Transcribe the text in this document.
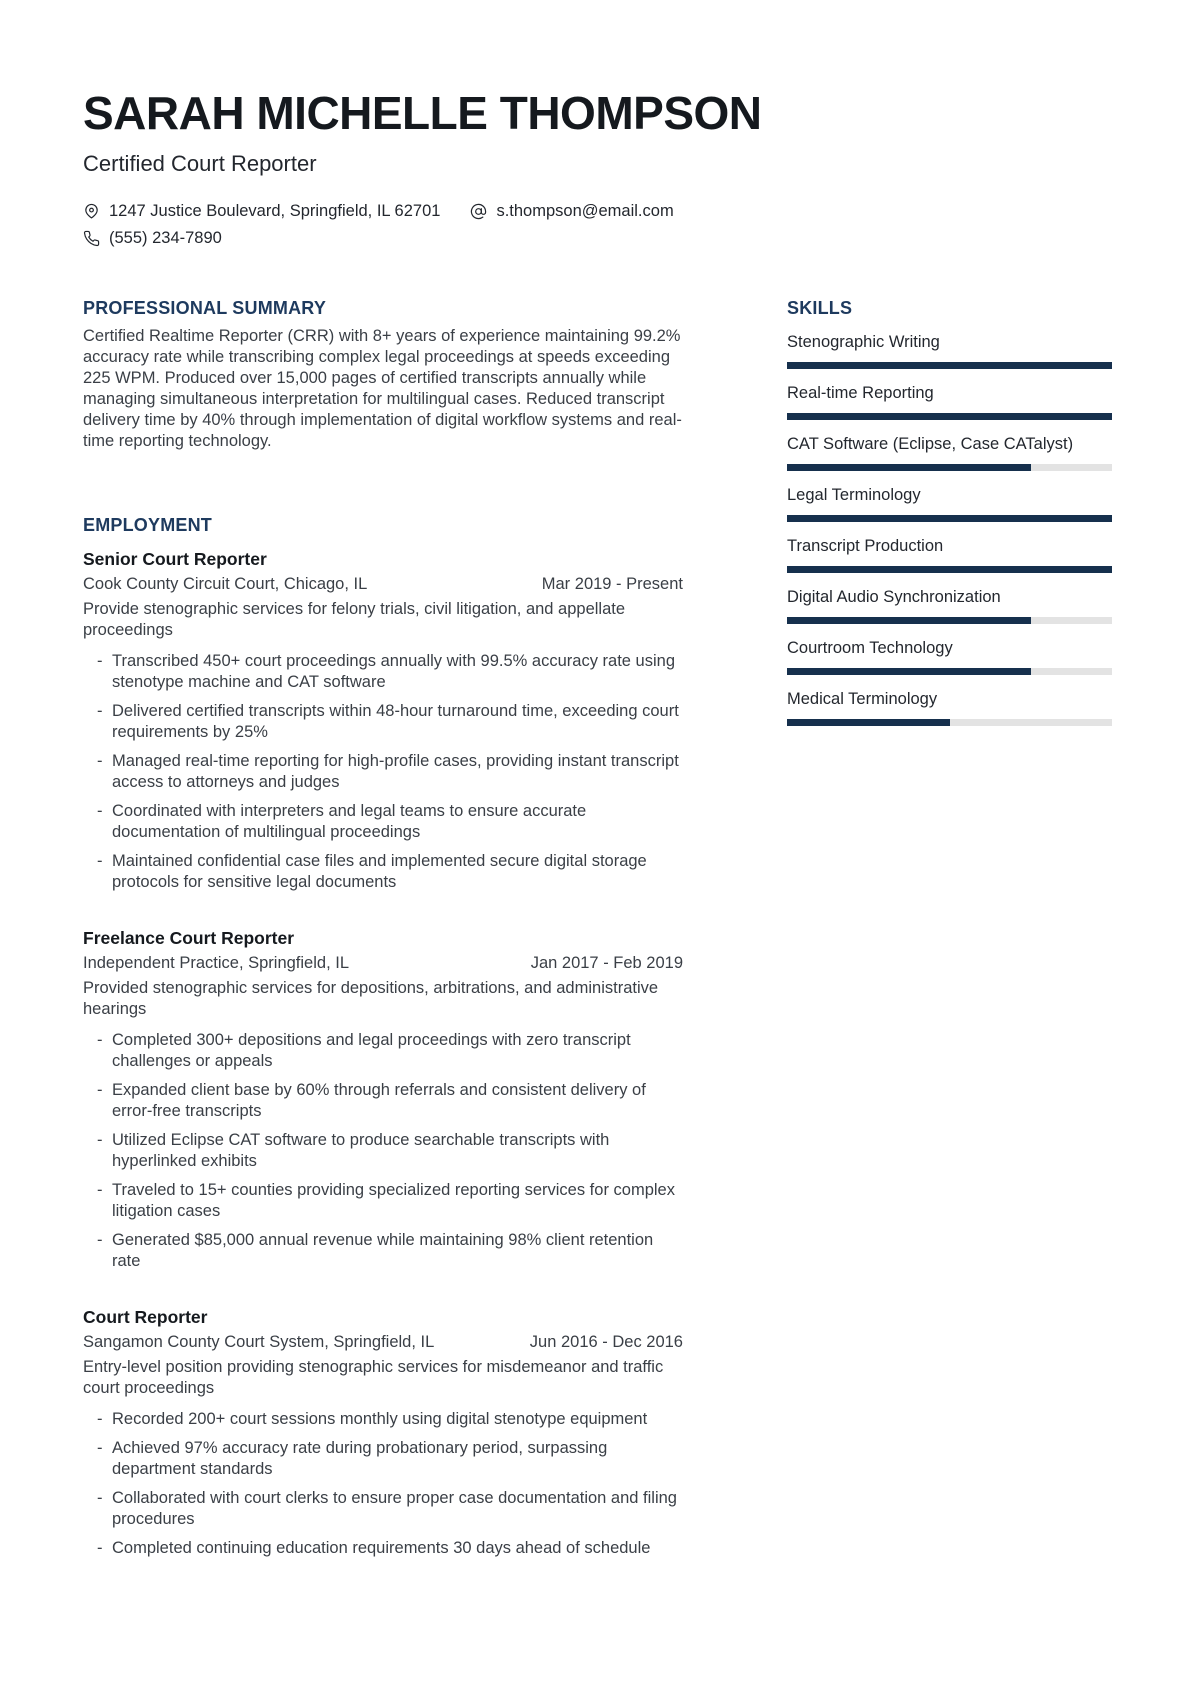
SARAH MICHELLE THOMPSON
Certified Court Reporter
1247 Justice Boulevard, Springfield, IL 62701	s.thompson@email.com
(555) 234-7890
PROFESSIONAL SUMMARY

Certified Realtime Reporter (CRR) with 8+ years of experience maintaining 99.2% accuracy rate while transcribing complex legal proceedings at speeds exceeding 225 WPM. Produced over 15,000 pages of certified transcripts annually while managing simultaneous interpretation for multilingual cases. Reduced transcript delivery time by 40% through implementation of digital workflow systems and real-time reporting technology.

EMPLOYMENT
Senior Court Reporter
Cook County Circuit Court, Chicago, IL	Mar 2019 - Present

Provide stenographic services for felony trials, civil litigation, and appellate proceedings

- Transcribed 450+ court proceedings annually with 99.5% accuracy rate using stenotype machine and CAT software
- Delivered certified transcripts within 48-hour turnaround time, exceeding court requirements by 25%
- Managed real-time reporting for high-profile cases, providing instant transcript access to attorneys and judges
- Coordinated with interpreters and legal teams to ensure accurate documentation of multilingual proceedings
- Maintained confidential case files and implemented secure digital storage protocols for sensitive legal documents
Freelance Court Reporter
Independent Practice, Springfield, IL	Jan 2017 - Feb 2019

Provided stenographic services for depositions, arbitrations, and administrative hearings

- Completed 300+ depositions and legal proceedings with zero transcript challenges or appeals
- Expanded client base by 60% through referrals and consistent delivery of error-free transcripts
- Utilized Eclipse CAT software to produce searchable transcripts with hyperlinked exhibits
- Traveled to 15+ counties providing specialized reporting services for complex litigation cases
- Generated $85,000 annual revenue while maintaining 98% client retention rate
Court Reporter
Sangamon County Court System, Springfield, IL	Jun 2016 - Dec 2016

Entry-level position providing stenographic services for misdemeanor and traffic court proceedings

- Recorded 200+ court sessions monthly using digital stenotype equipment
- Achieved 97% accuracy rate during probationary period, surpassing department standards
- Collaborated with court clerks to ensure proper case documentation and filing procedures
- Completed continuing education requirements 30 days ahead of schedule
SKILLS
Stenographic Writing
Real-time Reporting
CAT Software (Eclipse, Case CATalyst)
Legal Terminology
Transcript Production
Digital Audio Synchronization
Courtroom Technology
Medical Terminology
